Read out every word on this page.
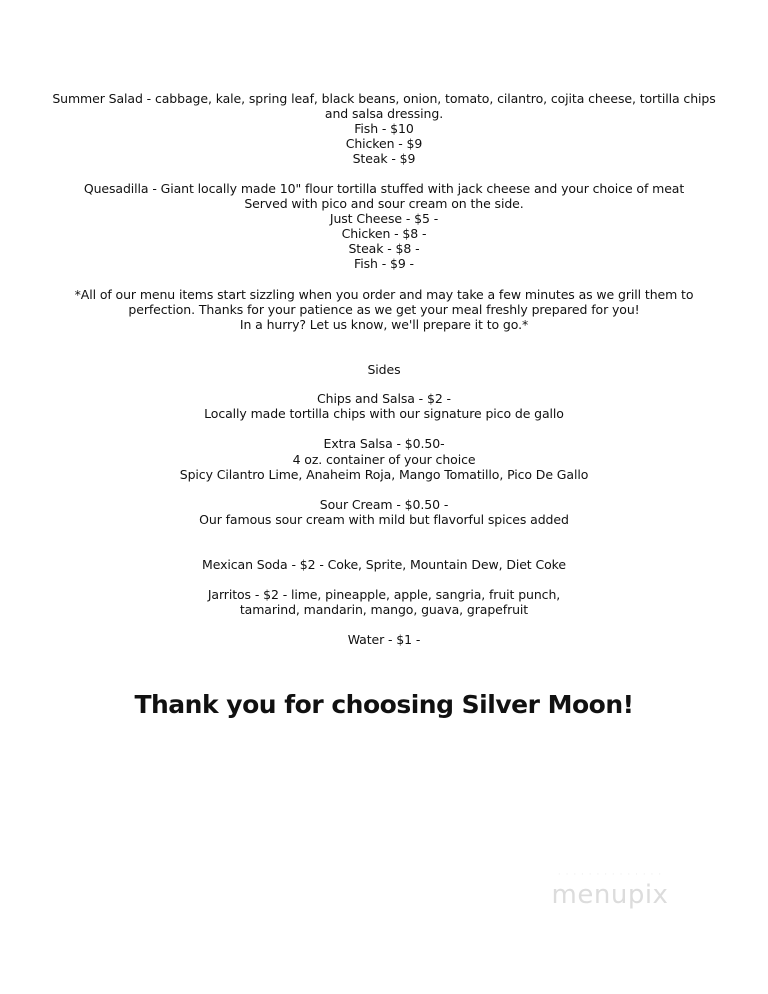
Summer Salad - cabbage, kale, spring leaf, black beans, onion, tomato, cilantro, cojita cheese, tortilla chips
and salsa dressing.
Fish - $10
Chicken - $9
Steak - $9
Quesadilla - Giant locally made 10" flour tortilla stuffed with jack cheese and your choice of meat
Served with pico and sour cream on the side.
Just Cheese - $5 -
Chicken - $8 -
Steak - $8 -
Fish - $9 -
*All of our menu items start sizzling when you order and may take a few minutes as we grill them to
perfection. Thanks for your patience as we get your meal freshly prepared for you!
In a hurry? Let us know, we'll prepare it to go.*
Sides
Chips and Salsa - $2 -
Locally made tortilla chips with our signature pico de gallo
Extra Salsa - $0.50-
4 oz. container of your choice
Spicy Cilantro Lime, Anaheim Roja, Mango Tomatillo, Pico De Gallo
Sour Cream - $0.50 -
Our famous sour cream with mild but flavorful spices added
Mexican Soda - $2 - Coke, Sprite, Mountain Dew, Diet Coke
Jarritos - $2 - lime, pineapple, apple, sangria, fruit punch,
tamarind, mandarin, mango, guava, grapefruit
Water - $1 -
Thank you for choosing Silver Moon!
· · · · · · · · · · · · · ·
menupix
